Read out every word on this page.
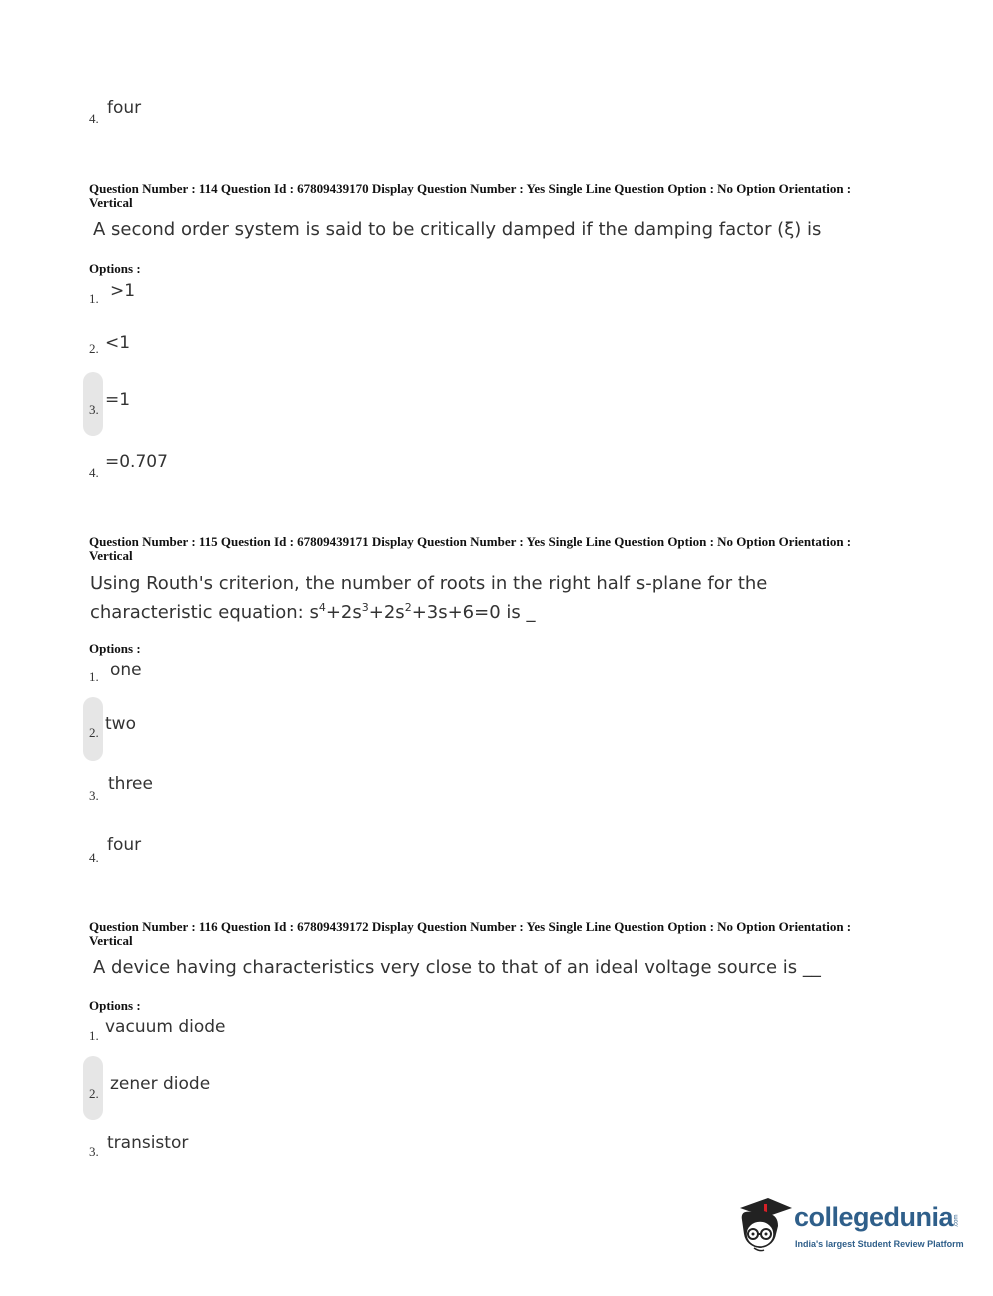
4.
four
Question Number : 114 Question Id : 67809439170 Display Question Number : Yes Single Line Question Option : No Option Orientation : Vertical
A second order system is said to be critically damped if the damping factor (ξ) is
Options :
1. >1
2. <1
3. =1
4.
=0.707
Question Number : 115 Question Id : 67809439171 Display Question Number : Yes Single Line Question Option : No Option Orientation : Vertical
Using Routh's criterion, the number of roots in the right half s-plane for the
characteristic equation: $s^4+2s^3+2s^2+3s+6=0$ is _
Options :
1. one
2. two
3.
three
4.
four
Question Number : 116 Question Id : 67809439172 Display Question Number : Yes Single Line Question Option : No Option Orientation : Vertical
A device having characteristics very close to that of an ideal voltage source is __
Options :
1. vacuum diode
2. zener diode
3. transistor
collegedunia .com
India's largest Student Review Platform
